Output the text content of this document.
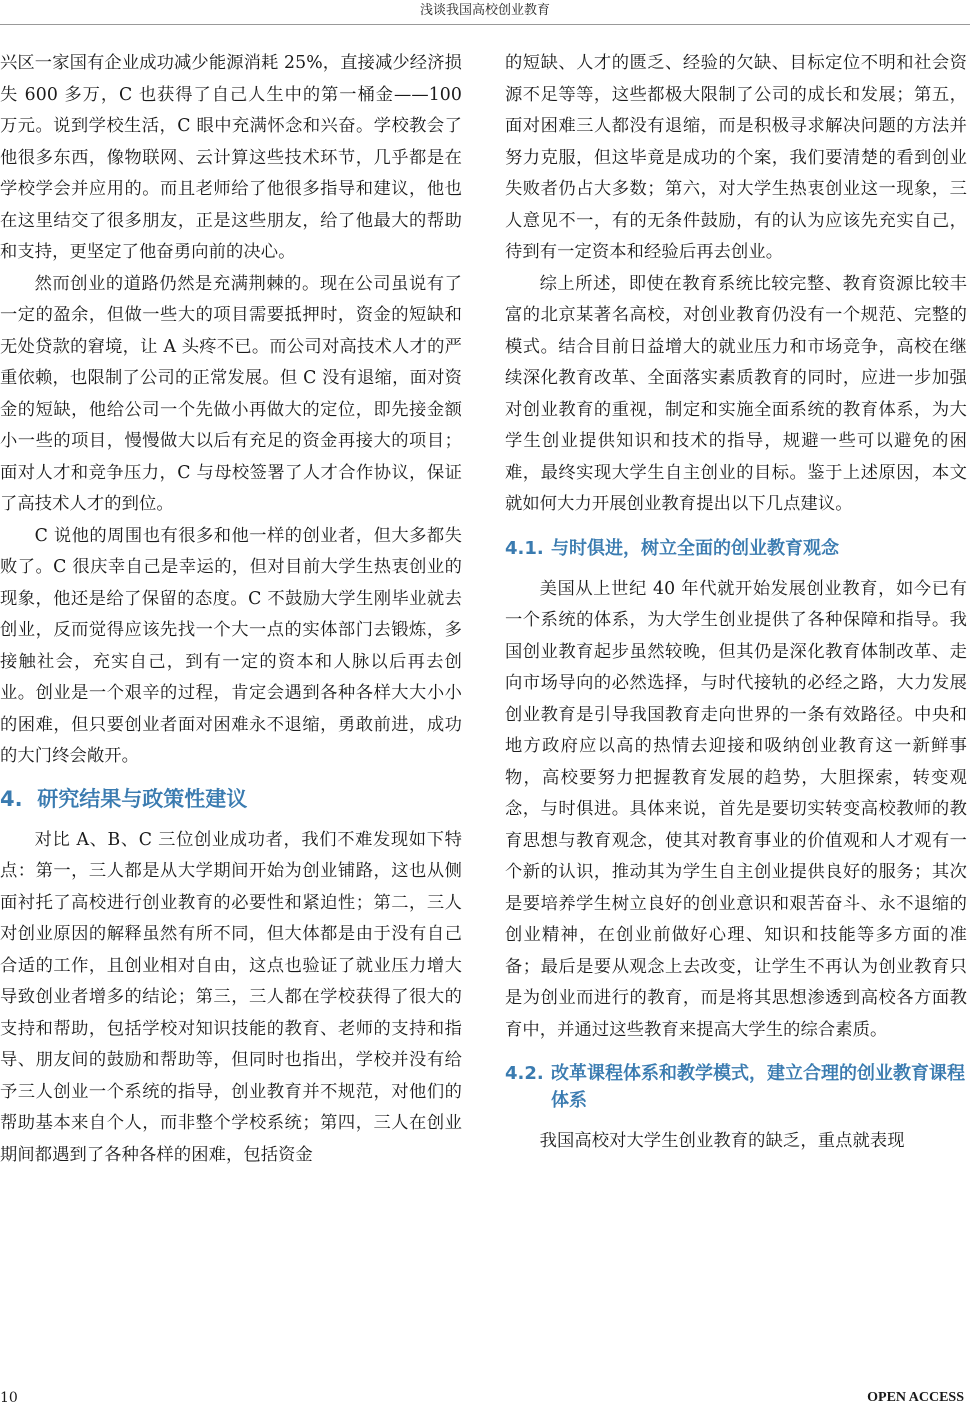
浅谈我国高校创业教育

兴区一家国有企业成功减少能源消耗 25%，直接减少经济损失 600 多万，C 也获得了自己人生中的第一桶金——100 万元。说到学校生活，C 眼中充满怀念和兴奋。学校教会了他很多东西，像物联网、云计算这些技术环节，几乎都是在学校学会并应用的。而且老师给了他很多指导和建议，他也在这里结交了很多朋友，正是这些朋友，给了他最大的帮助和支持，更坚定了他奋勇向前的决心。

然而创业的道路仍然是充满荆棘的。现在公司虽说有了一定的盈余，但做一些大的项目需要抵押时，资金的短缺和无处贷款的窘境，让 A 头疼不已。而公司对高技术人才的严重依赖，也限制了公司的正常发展。但 C 没有退缩，面对资金的短缺，他给公司一个先做小再做大的定位，即先接金额小一些的项目，慢慢做大以后有充足的资金再接大的项目；面对人才和竞争压力，C 与母校签署了人才合作协议，保证了高技术人才的到位。

C 说他的周围也有很多和他一样的创业者，但大多都失败了。C 很庆幸自己是幸运的，但对目前大学生热衷创业的现象，他还是给了保留的态度。C 不鼓励大学生刚毕业就去创业，反而觉得应该先找一个大一点的实体部门去锻炼，多接触社会，充实自己，到有一定的资本和人脉以后再去创业。创业是一个艰辛的过程，肯定会遇到各种各样大大小小的困难，但只要创业者面对困难永不退缩，勇敢前进，成功的大门终会敞开。

4. 研究结果与政策性建议

对比 A、B、C 三位创业成功者，我们不难发现如下特点：第一，三人都是从大学期间开始为创业铺路，这也从侧面衬托了高校进行创业教育的必要性和紧迫性；第二，三人对创业原因的解释虽然有所不同，但大体都是由于没有自己合适的工作，且创业相对自由，这点也验证了就业压力增大导致创业者增多的结论；第三，三人都在学校获得了很大的支持和帮助，包括学校对知识技能的教育、老师的支持和指导、朋友间的鼓励和帮助等，但同时也指出，学校并没有给予三人创业一个系统的指导，创业教育并不规范，对他们的帮助基本来自个人，而非整个学校系统；第四，三人在创业期间都遇到了各种各样的困难，包括资金

的短缺、人才的匮乏、经验的欠缺、目标定位不明和社会资源不足等等，这些都极大限制了公司的成长和发展；第五，面对困难三人都没有退缩，而是积极寻求解决问题的方法并努力克服，但这毕竟是成功的个案，我们要清楚的看到创业失败者仍占大多数；第六，对大学生热衷创业这一现象，三人意见不一，有的无条件鼓励，有的认为应该先充实自己，待到有一定资本和经验后再去创业。

综上所述，即使在教育系统比较完整、教育资源比较丰富的北京某著名高校，对创业教育仍没有一个规范、完整的模式。结合目前日益增大的就业压力和市场竞争，高校在继续深化教育改革、全面落实素质教育的同时，应进一步加强对创业教育的重视，制定和实施全面系统的教育体系，为大学生创业提供知识和技术的指导，规避一些可以避免的困难，最终实现大学生自主创业的目标。鉴于上述原因，本文就如何大力开展创业教育提出以下几点建议。

4.1. 与时俱进，树立全面的创业教育观念

美国从上世纪 40 年代就开始发展创业教育，如今已有一个系统的体系，为大学生创业提供了各种保障和指导。我国创业教育起步虽然较晚，但其仍是深化教育体制改革、走向市场导向的必然选择，与时代接轨的必经之路，大力发展创业教育是引导我国教育走向世界的一条有效路径。中央和地方政府应以高的热情去迎接和吸纳创业教育这一新鲜事物，高校要努力把握教育发展的趋势，大胆探索，转变观念，与时俱进。具体来说，首先是要切实转变高校教师的教育思想与教育观念，使其对教育事业的价值观和人才观有一个新的认识，推动其为学生自主创业提供良好的服务；其次是要培养学生树立良好的创业意识和艰苦奋斗、永不退缩的创业精神，在创业前做好心理、知识和技能等多方面的准备；最后是要从观念上去改变，让学生不再认为创业教育只是为创业而进行的教育，而是将其思想渗透到高校各方面教育中，并通过这些教育来提高大学生的综合素质。

4.2. 改革课程体系和教学模式，建立合理的创业教育课程体系

我国高校对大学生创业教育的缺乏，重点就表现

10	OPEN ACCESS
